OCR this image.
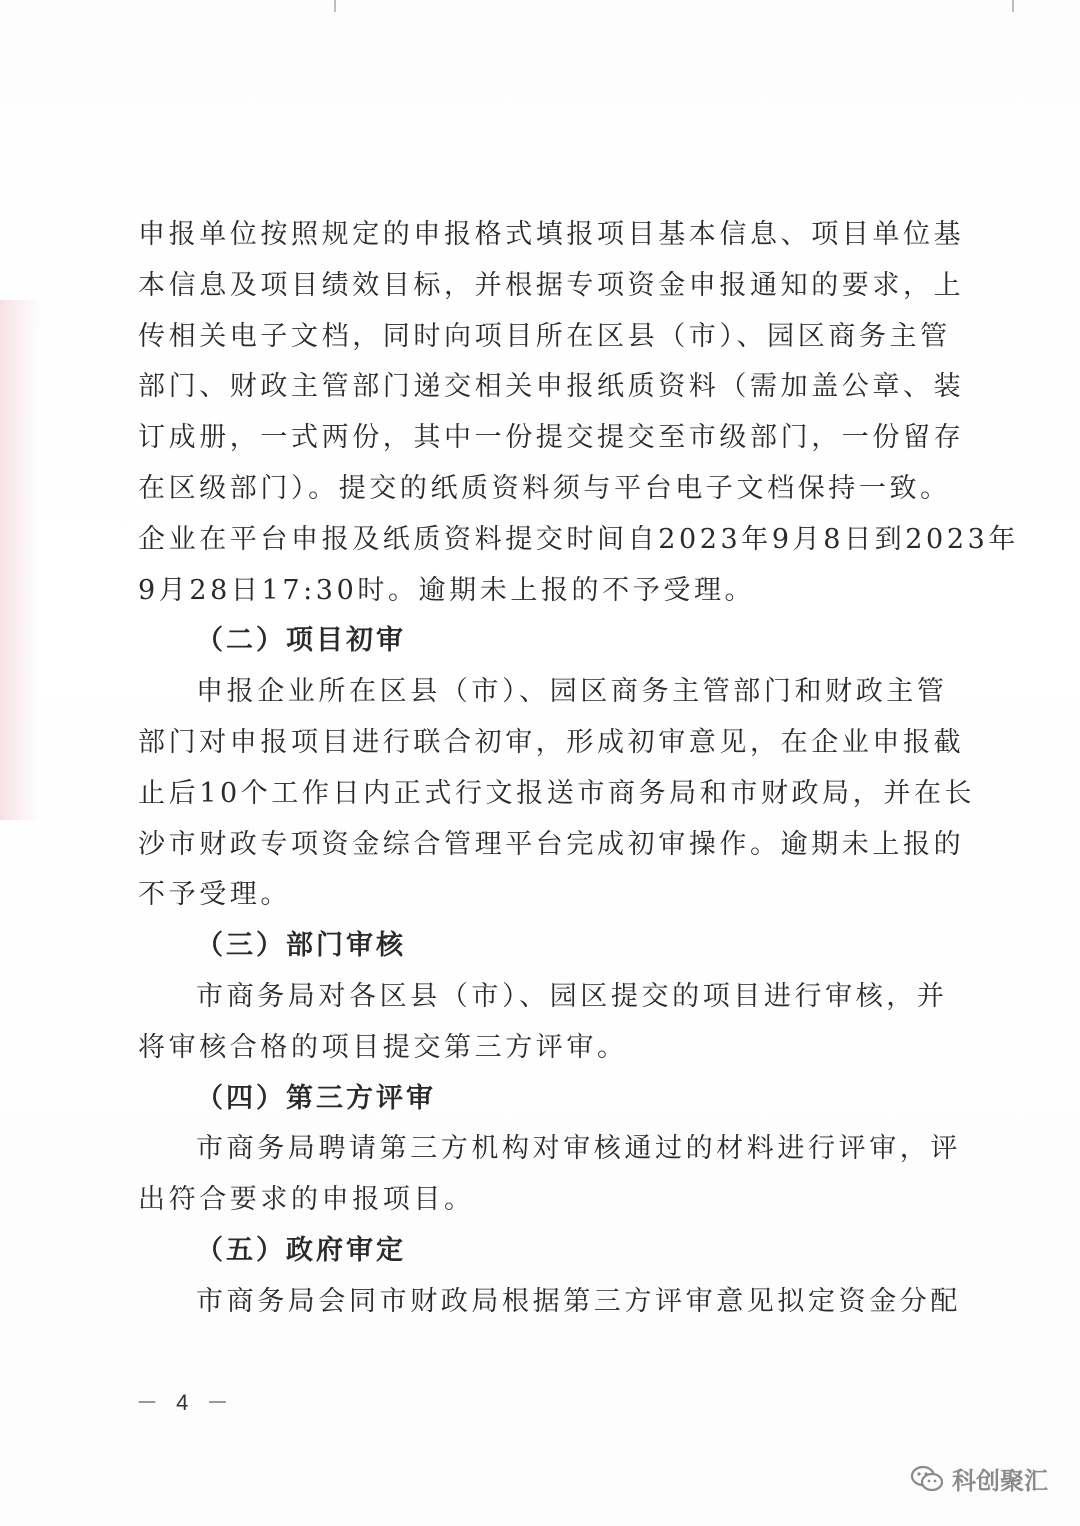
申报单位按照规定的申报格式填报项目基本信息、项目单位基
本信息及项目绩效目标，并根据专项资金申报通知的要求，上
传相关电子文档，同时向项目所在区县（市）、园区商务主管
部门、财政主管部门递交相关申报纸质资料（需加盖公章、装
订成册，一式两份，其中一份提交提交至市级部门，一份留存
在区级部门）。提交的纸质资料须与平台电子文档保持一致。
企业在平台申报及纸质资料提交时间自2023年9月8日到2023年
9月28日17:30时。逾期未上报的不予受理。
（二）项目初审
申报企业所在区县（市）、园区商务主管部门和财政主管
部门对申报项目进行联合初审，形成初审意见，在企业申报截
止后10个工作日内正式行文报送市商务局和市财政局，并在长
沙市财政专项资金综合管理平台完成初审操作。逾期未上报的
不予受理。
（三）部门审核
市商务局对各区县（市）、园区提交的项目进行审核，并
将审核合格的项目提交第三方评审。
（四）第三方评审
市商务局聘请第三方机构对审核通过的材料进行评审，评
出符合要求的申报项目。
（五）政府审定
市商务局会同市财政局根据第三方评审意见拟定资金分配
－ 4 －
科创聚汇
